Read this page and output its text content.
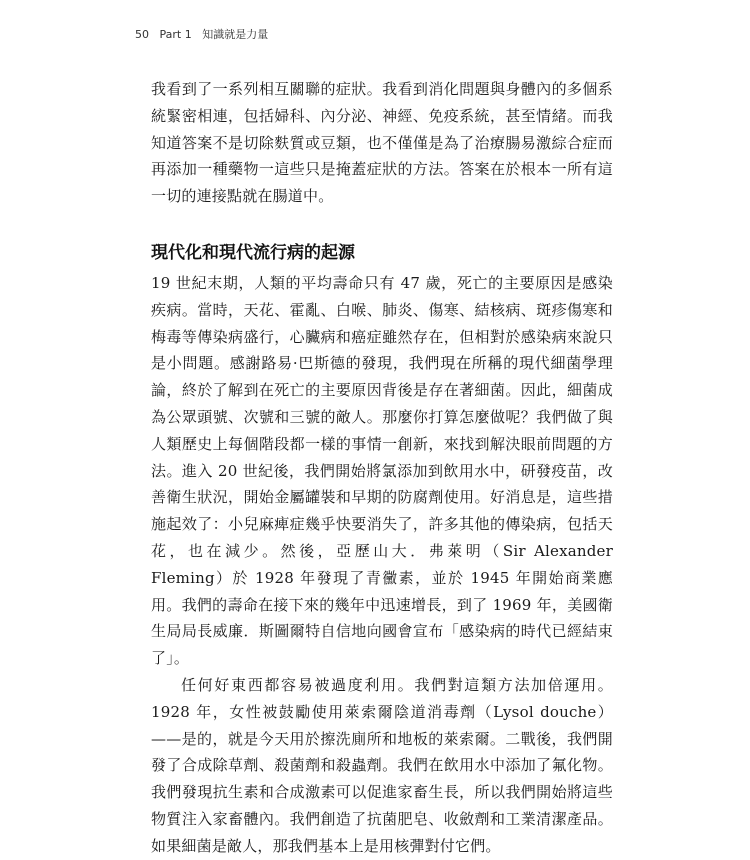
50 Part 1 知識就是力量

我看到了一系列相互關聯的症狀。我看到消化問題與身體內的多個系統緊密相連，包括婦科、內分泌、神經、免疫系統，甚至情緒。而我知道答案不是切除麩質或豆類，也不僅僅是為了治療腸易激綜合症而再添加一種藥物一這些只是掩蓋症狀的方法。答案在於根本一所有這一切的連接點就在腸道中。

現代化和現代流行病的起源

19 世紀末期，人類的平均壽命只有 47 歲，死亡的主要原因是感染疾病。當時，天花、霍亂、白喉、肺炎、傷寒、結核病、斑疹傷寒和梅毒等傳染病盛行，心臟病和癌症雖然存在，但相對於感染病來說只是小問題。感謝路易·巴斯德的發現，我們現在所稱的現代細菌學理論，終於了解到在死亡的主要原因背後是存在著細菌。因此，細菌成為公眾頭號、次號和三號的敵人。那麼你打算怎麼做呢？我們做了與人類歷史上每個階段都一樣的事情一創新，來找到解決眼前問題的方法。進入 20 世紀後，我們開始將氯添加到飲用水中，研發疫苗，改善衛生狀況，開始金屬罐裝和早期的防腐劑使用。好消息是，這些措施起效了：小兒麻痺症幾乎快要消失了，許多其他的傳染病，包括天花，也在減少。然後，亞歷山大．弗萊明（Sir Alexander Fleming）於 1928 年發現了青黴素，並於 1945 年開始商業應用。我們的壽命在接下來的幾年中迅速增長，到了 1969 年，美國衛生局局長威廉．斯圖爾特自信地向國會宣布「感染病的時代已經結束了」。

任何好東西都容易被過度利用。我們對這類方法加倍運用。1928 年，女性被鼓勵使用萊索爾陰道消毒劑（Lysol douche）——是的，就是今天用於擦洗廁所和地板的萊索爾。二戰後，我們開發了合成除草劑、殺菌劑和殺蟲劑。我們在飲用水中添加了氟化物。我們發現抗生素和合成激素可以促進家畜生長，所以我們開始將這些物質注入家畜體內。我們創造了抗菌肥皂、收斂劑和工業清潔產品。如果細菌是敵人，那我們基本上是用核彈對付它們。
